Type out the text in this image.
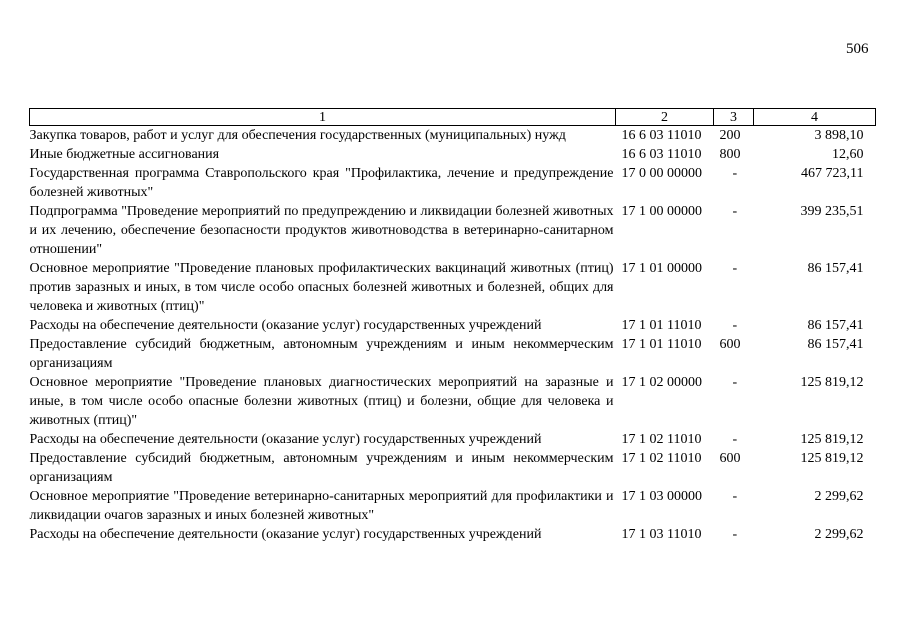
506
1	2	3	4
Закупка товаров, работ и услуг для обеспечения государственных (муниципальных) нужд	16 6 03 11010	200	3 898,10
Иные бюджетные ассигнования	16 6 03 11010	800	12,60
Государственная программа Ставропольского края "Профилактика, лечение и предупреждение болезней животных"	17 0 00 00000	-	467 723,11
Подпрограмма "Проведение мероприятий по предупреждению и ликвидации болезней животных и их лечению, обеспечение безопасности продуктов животноводства в ветеринарно-санитарном отношении"	17 1 00 00000	-	399 235,51
Основное мероприятие "Проведение плановых профилактических вакцинаций животных (птиц) против заразных и иных, в том числе особо опасных болезней животных и болезней, общих для человека и животных (птиц)"	17 1 01 00000	-	86 157,41
Расходы на обеспечение деятельности (оказание услуг) государственных учреждений	17 1 01 11010	-	86 157,41
Предоставление субсидий бюджетным, автономным учреждениям и иным некоммерческим организациям	17 1 01 11010	600	86 157,41
Основное мероприятие "Проведение плановых диагностических мероприятий на заразные и иные, в том числе особо опасные болезни животных (птиц) и болезни, общие для человека и животных (птиц)"	17 1 02 00000	-	125 819,12
Расходы на обеспечение деятельности (оказание услуг) государственных учреждений	17 1 02 11010	-	125 819,12
Предоставление субсидий бюджетным, автономным учреждениям и иным некоммерческим организациям	17 1 02 11010	600	125 819,12
Основное мероприятие "Проведение ветеринарно-санитарных мероприятий для профилактики и ликвидации очагов заразных и иных болезней животных"	17 1 03 00000	-	2 299,62
Расходы на обеспечение деятельности (оказание услуг) государственных учреждений	17 1 03 11010	-	2 299,62
